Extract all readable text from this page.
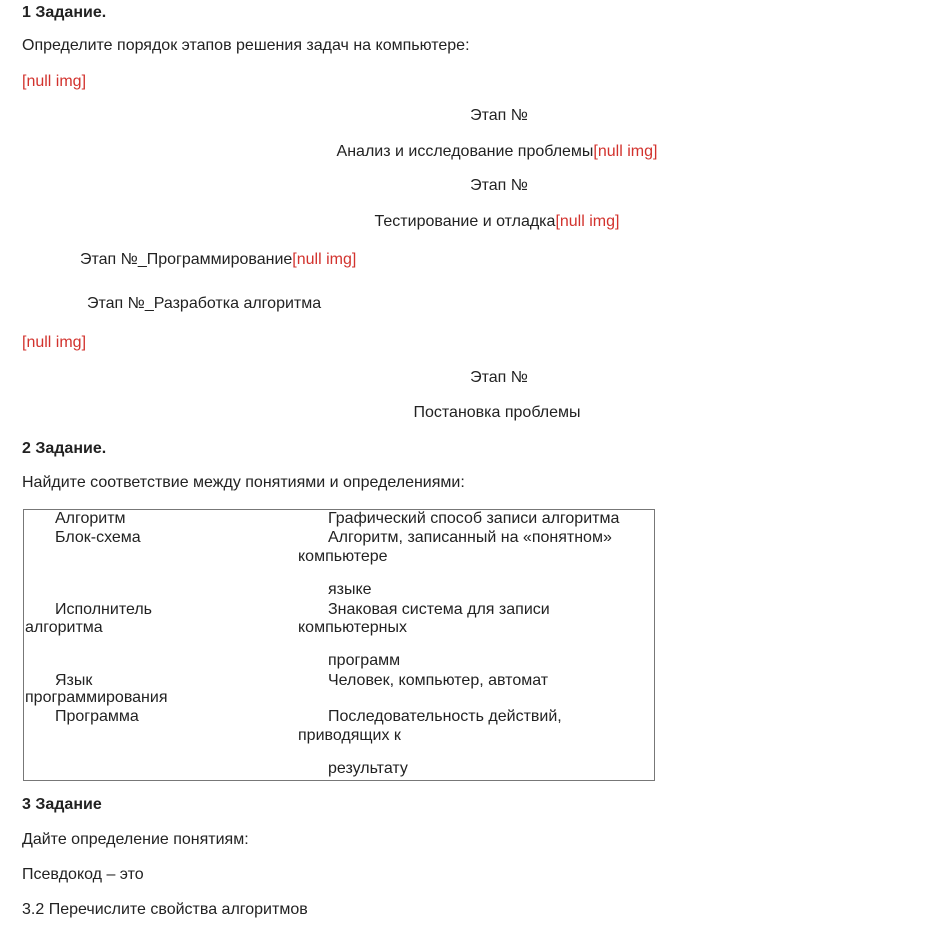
1 Задание.
Определите порядок этапов решения задач на компьютере:
[null img]
Этап №
Анализ и исследование проблемы[null img]
Этап №
Тестирование и отладка[null img]
Этап №_Программирование[null img]
Этап №_Разработка алгоритма
[null img]
Этап №
Постановка проблемы
2 Задание.
Найдите соответствие между понятиями и определениями:
Алгоритм
Блок-схема
Исполнитель
алгоритма
Язык
программирования
Программа
Графический способ записи алгоритма
Алгоритм, записанный на «понятном»
компьютере
языке
Знаковая система для записи
компьютерных
программ
Человек, компьютер, автомат
Последовательность действий,
приводящих к
результату
3 Задание
Дайте определение понятиям:
Псевдокод – это
3.2 Перечислите свойства алгоритмов
